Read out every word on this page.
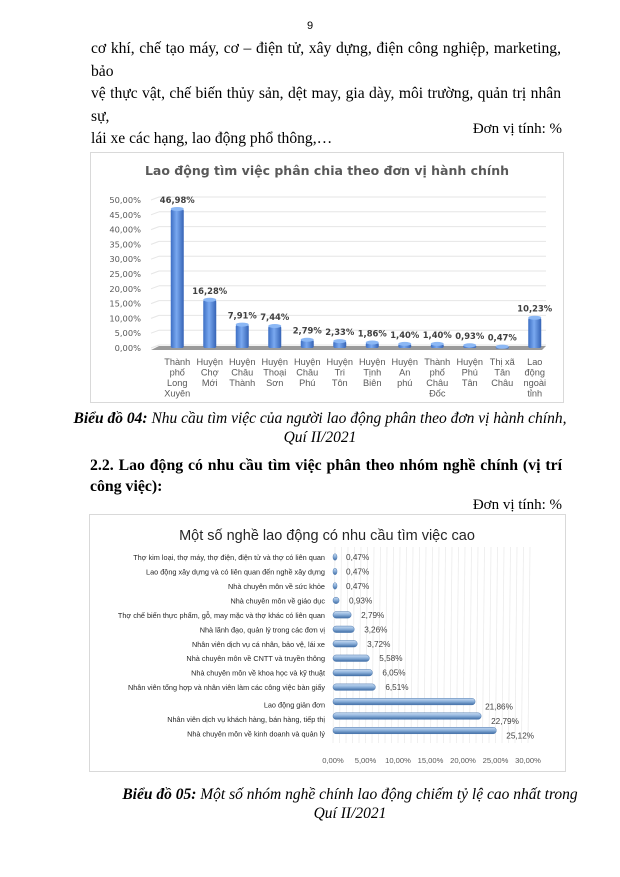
9
cơ khí, chế tạo máy, cơ – điện tử, xây dựng, điện công nghiệp, marketing, bảo
vệ thực vật, chế biến thủy sản, dệt may, gia dày, môi trường, quản trị nhân sự,
lái xe các hạng, lao động phổ thông,…
Đơn vị tính: %
Lao động tìm việc phân chia theo đơn vị hành chính
0,00%
5,00%
10,00%
15,00%
20,00%
25,00%
30,00%
35,00%
40,00%
45,00%
50,00% 46,98%
Thành
phố
Long
Xuyên
16,28%
Huyện
Chợ
Mới
7,91%
Huyện
Châu
Thành
7,44%
Huyện
Thoại
Sơn
2,79%
Huyện
Châu
Phú
2,33%
Huyện
Tri
Tôn
1,86%
Huyện
Tịnh
Biên
1,40%
Huyện
An
phú
1,40%
Thành
phố
Châu
Đốc
0,93%
Huyện
Phú
Tân
0,47%
Thị xã
Tân
Châu
10,23%
Lao
động
ngoài
tỉnh
Biểu đồ 04: Nhu cầu tìm việc của người lao động phân theo đơn vị hành chính,
Quí II/2021
2.2. Lao động có nhu cầu tìm việc phân theo nhóm nghề chính (vị trí công việc):
Đơn vị tính: %
Một số nghề lao động có nhu cầu tìm việc cao
0,00% 5,00% 10,00% 15,00% 20,00% 25,00% 30,00%
0,47%
Thợ kim loại, thợ máy, thợ điện, điện tử và thợ có liên quan
0,47%
Lao động xây dựng và có liên quan đến nghề xây dựng
0,47%
Nhà chuyên môn về sức khỏe
0,93%
Nhà chuyên môn về giáo dục
2,79%
Thợ chế biến thực phẩm, gỗ, may mặc và thợ khác có liên quan
3,26%
Nhà lãnh đạo, quản lý trong các đơn vị
3,72%
Nhân viên dịch vụ cá nhân, bảo vệ, lái xe
5,58%
Nhà chuyên môn về CNTT và truyền thông
6,05%
Nhà chuyên môn về khoa học và kỹ thuật
6,51%
Nhân viên tổng hợp và nhân viên làm các công việc bàn giấy
21,86%
Lao động giản đơn
22,79%
Nhân viên dịch vụ khách hàng, bán hàng, tiếp thị
25,12%
Nhà chuyên môn về kinh doanh và quản lý
Biểu đồ 05: Một số nhóm nghề chính lao động chiếm tỷ lệ cao nhất trong
Quí II/2021
